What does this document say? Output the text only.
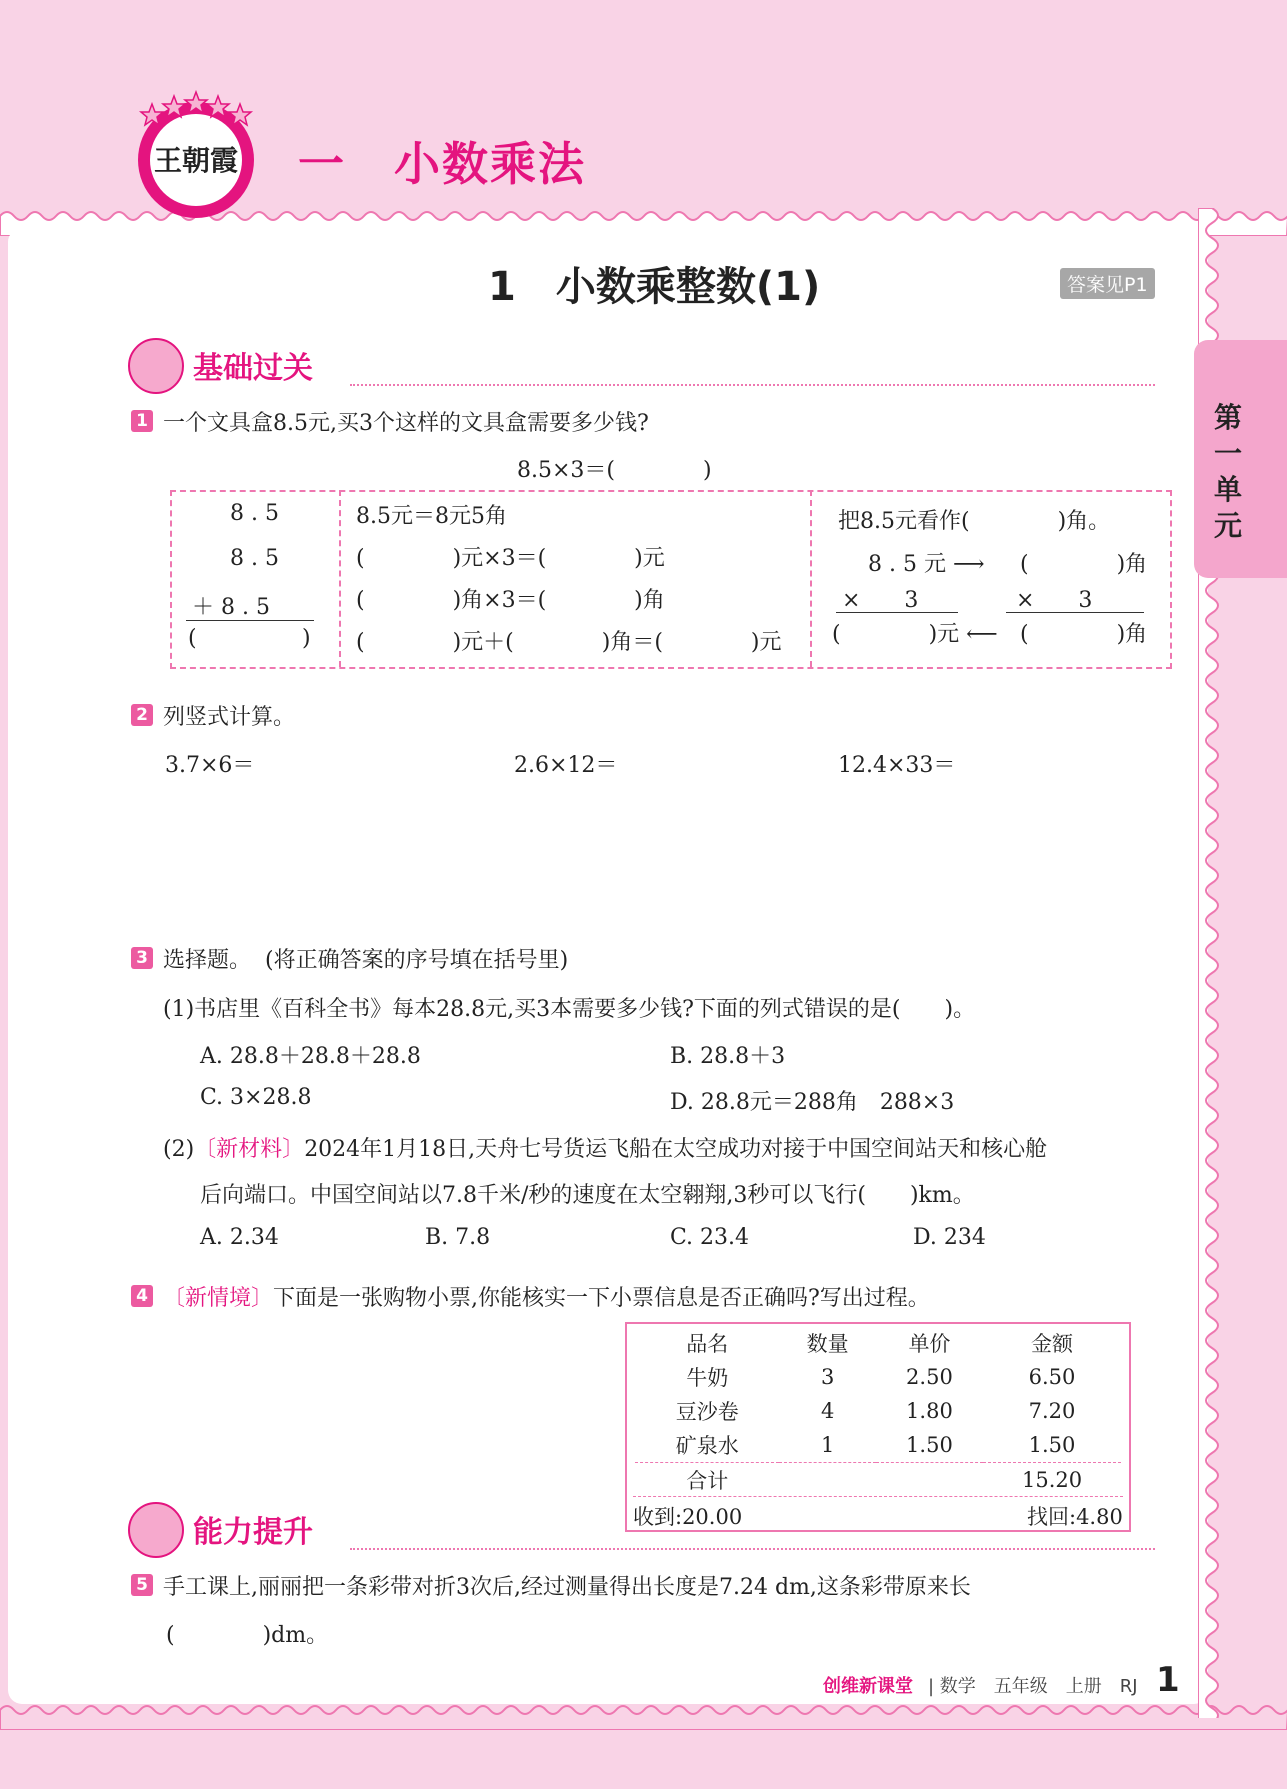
王朝霞 一　小数乘法
1　小数乘整数(1)	答案见P1
第
一
单
元
基础过关
1 一个文具盒8.5元,买3个这样的文具盒需要多少钱?
8.5×3＝(　　　　)
8 . 5
8 . 5
＋ 8 . 5
(	)
8.5元＝8元5角
(　　　　)元×3＝(　　　　)元
(　　　　)角×3＝(　　　　)角
(　　　　)元＋(　　　　)角＝(　　　　)元
把8.5元看作(　　　　)角。
8 . 5 元 ⟶ (　　　　)角
×　　3	×　　3
(　　　　)元 ⟵ (　　　　)角
2 列竖式计算。
3.7×6＝	2.6×12＝	12.4×33＝
3 选择题。 (将正确答案的序号填在括号里)
(1)书店里《百科全书》每本28.8元,买3本需要多少钱?下面的列式错误的是(　　)。
A. 28.8＋28.8＋28.8	B. 28.8＋3
C. 3×28.8	D. 28.8元＝288角　288×3
(2)〔新材料〕2024年1月18日,天舟七号货运飞船在太空成功对接于中国空间站天和核心舱
后向端口。中国空间站以7.8千米/秒的速度在太空翱翔,3秒可以飞行(　　)km。
A. 2.34	B. 7.8	C. 23.4	D. 234
4 〔新情境〕下面是一张购物小票,你能核实一下小票信息是否正确吗?写出过程。
品名	数量	单价	金额
牛奶	3	2.50	6.50
豆沙卷	4	1.80	7.20
矿泉水	1	1.50	1.50
合计			15.20
收到:20.00	找回:4.80
能力提升
5 手工课上,丽丽把一条彩带对折3次后,经过测量得出长度是7.24 dm,这条彩带原来长
(　　　　)dm。
创维新课堂 | 数学　五年级　上册　RJ 1
